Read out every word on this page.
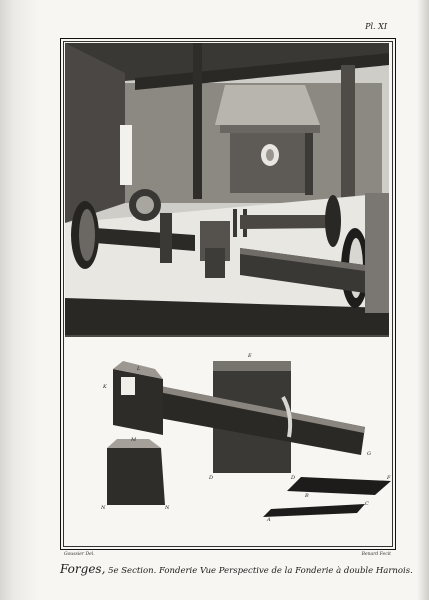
Pl. XI
K
L
E
D	D
G
F
M
N	N
C
B
A
Goussier Del.	Benard Fecit
Forges, 5e Section. Fonderie Vue Perspective de la Fonderie à double Harnois.
